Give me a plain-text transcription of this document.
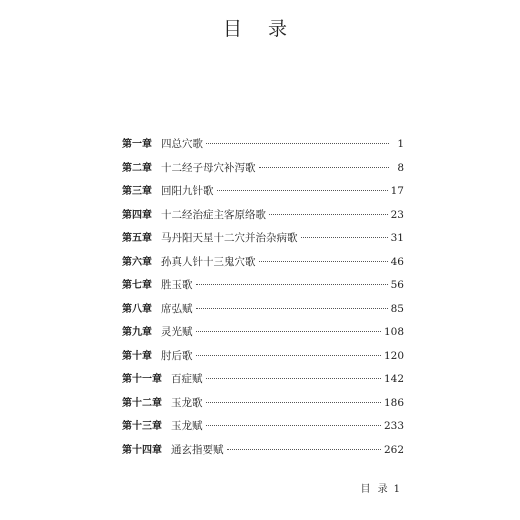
目 录
第一章 四总穴歌	1
第二章 十二经子母穴补泻歌	8
第三章 回阳九针歌	17
第四章 十二经治症主客原络歌	23
第五章 马丹阳天星十二穴并治杂病歌	31
第六章 孙真人针十三鬼穴歌	46
第七章 胜玉歌	56
第八章 席弘赋	85
第九章 灵光赋	108
第十章 肘后歌	120
第十一章 百症赋	142
第十二章 玉龙歌	186
第十三章 玉龙赋	233
第十四章 通玄指要赋	262
目 录 1
